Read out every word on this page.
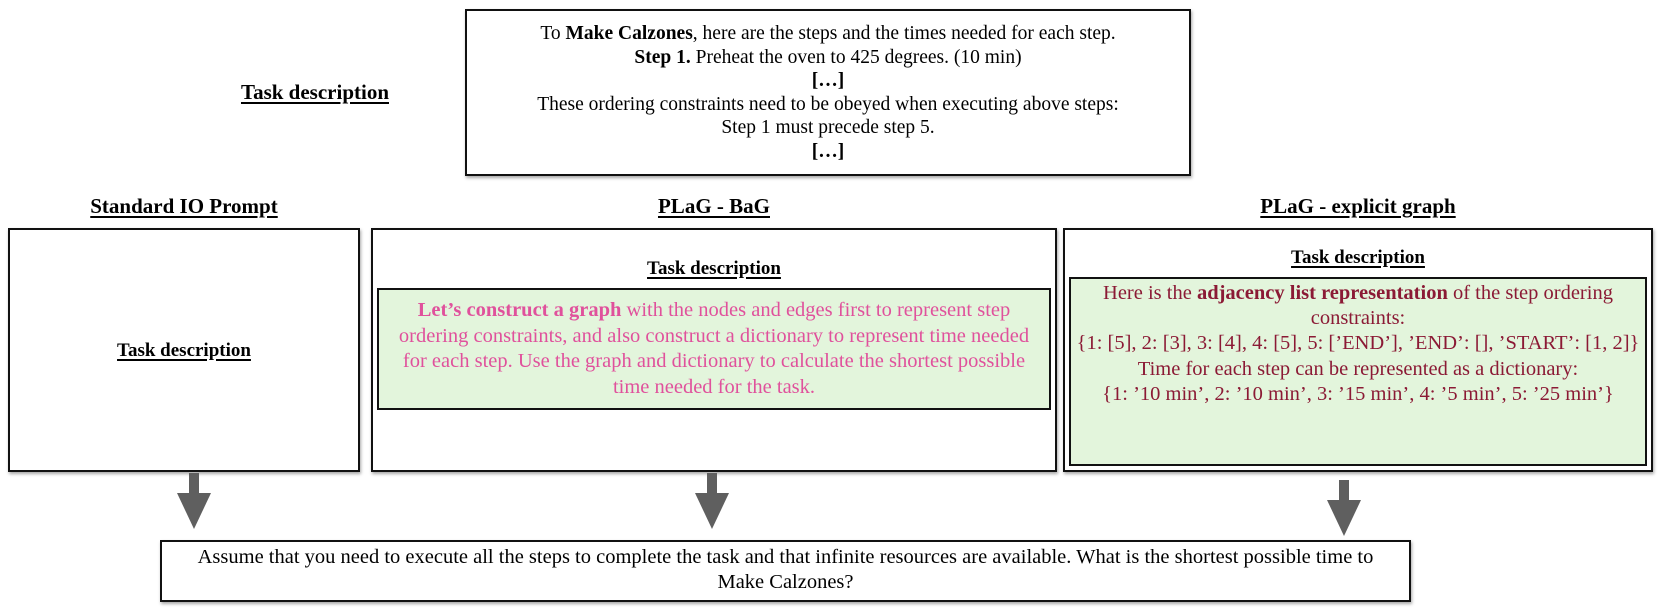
Task description
To Make Calzones, here are the steps and the times needed for each step.
Step 1. Preheat the oven to 425 degrees. (10 min)
[…]
These ordering constraints need to be obeyed when executing above steps:
Step 1 must precede step 5.
[…]
Standard IO Prompt	PLaG - BaG	PLaG - explicit graph
Task description
Task description
Let’s construct a graph with the nodes and edges first to represent step ordering constraints, and also construct a dictionary to represent time needed for each step. Use the graph and dictionary to calculate the shortest possible time needed for the task.
Task description
Here is the adjacency list representation of the step ordering constraints:
{1: [5], 2: [3], 3: [4], 4: [5], 5: [’END’], ’END’: [], ’START’: [1, 2]}
Time for each step can be represented as a dictionary:
{1: ’10 min’, 2: ’10 min’, 3: ’15 min’, 4: ’5 min’, 5: ’25 min’}
Assume that you need to execute all the steps to complete the task and that infinite resources are available. What is the shortest possible time to Make Calzones?
